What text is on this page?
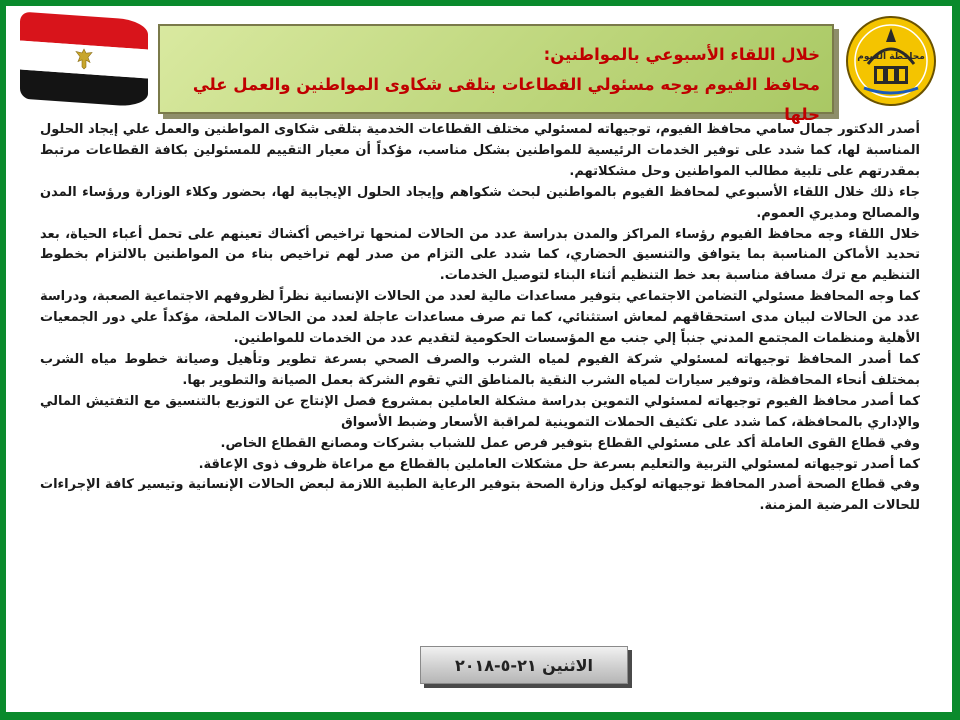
خلال اللقاء الأسبوعي بالمواطنين:
محافظ الفيوم يوجه مسئولي القطاعات بتلقى شكاوى المواطنين والعمل علي حلها
محافظة الفيوم

أصدر الدكتور جمال سامي محافظ الفيوم، توجيهاته لمسئولي مختلف القطاعات الخدمية بتلقى شكاوى المواطنين والعمل علي إيجاد الحلول المناسبة لها، كما شدد على توفير الخدمات الرئيسية للمواطنين بشكل مناسب، مؤكداً أن معيار التقييم للمسئولين بكافة القطاعات مرتبط بمقدرتهم على تلبية مطالب المواطنين وحل مشكلاتهم.

جاء ذلك خلال اللقاء الأسبوعي لمحافظ الفيوم بالمواطنين لبحث شكواهم وإيجاد الحلول الإيجابية لها، بحضور وكلاء الوزارة ورؤساء المدن والمصالح ومديري العموم.

خلال اللقاء وجه محافظ الفيوم رؤساء المراكز والمدن بدراسة عدد من الحالات لمنحها تراخيص أكشاك تعينهم على تحمل أعباء الحياة، بعد تحديد الأماكن المناسبة بما يتوافق والتنسيق الحضاري، كما شدد على التزام من صدر لهم تراخيص بناء من المواطنين بالالتزام بخطوط التنظيم مع ترك مسافة مناسبة بعد خط التنظيم أثناء البناء لتوصيل الخدمات.

كما وجه المحافظ مسئولي التضامن الاجتماعي بتوفير مساعدات مالية لعدد من الحالات الإنسانية نظراً لظروفهم الاجتماعية الصعبة، ودراسة عدد من الحالات لبيان مدى استحقاقهم لمعاش استثنائي، كما تم صرف مساعدات عاجلة لعدد من الحالات الملحة، مؤكداً علي دور الجمعيات الأهلية ومنظمات المجتمع المدني جنباً إلي جنب مع المؤسسات الحكومية لتقديم عدد من الخدمات للمواطنين.

كما أصدر المحافظ توجيهاته لمسئولي شركة الفيوم لمياه الشرب والصرف الصحي بسرعة تطوير وتأهيل وصيانة خطوط مياه الشرب بمختلف أنحاء المحافظة، وتوفير سيارات لمياه الشرب النقية بالمناطق التي تقوم الشركة بعمل الصيانة والتطوير بها.

كما أصدر محافظ الفيوم توجيهاته لمسئولي التموين بدراسة مشكلة العاملين بمشروع فصل الإنتاج عن التوزيع بالتنسيق مع التفتيش المالي والإداري بالمحافظة، كما شدد على تكثيف الحملات التموينية لمراقبة الأسعار وضبط الأسواق

وفي قطاع القوى العاملة أكد على مسئولي القطاع بتوفير فرص عمل للشباب بشركات ومصانع القطاع الخاص.

كما أصدر توجيهاته لمسئولي التربية والتعليم بسرعة حل مشكلات العاملين بالقطاع مع مراعاة ظروف ذوى الإعاقة.

وفي قطاع الصحة أصدر المحافظ توجيهاته لوكيل وزارة الصحة بتوفير الرعاية الطبية اللازمة لبعض الحالات الإنسانية وتيسير كافة الإجراءات للحالات المرضية المزمنة.

الاثنين ٢١-٥-٢٠١٨
